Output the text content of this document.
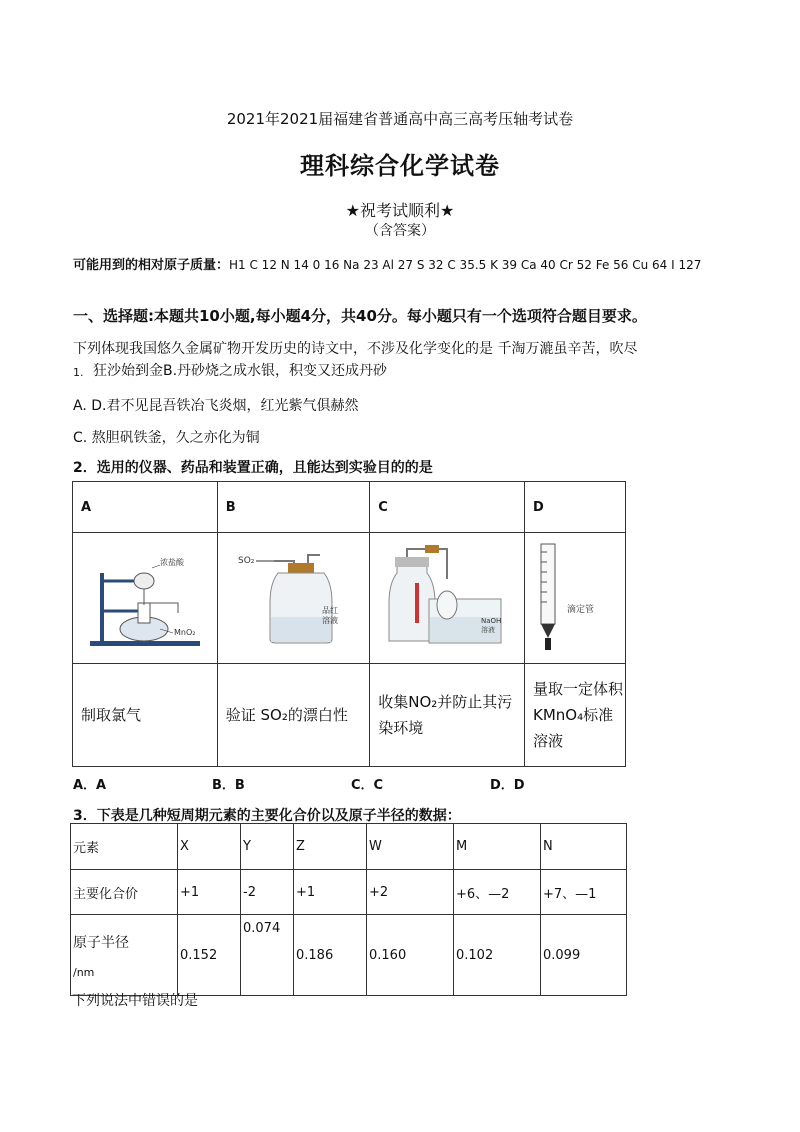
2021年2021届福建省普通高中高三高考压轴考试卷
理科综合化学试卷
★祝考试顺利★
（含答案）
可能用到的相对原子质量：H1 C 12 N 14 0 16 Na 23 Al 27 S 32 C 35.5 K 39 Ca 40 Cr 52 Fe 56 Cu 64 I 127
一、选择题:本题共10小题,每小题4分，共40分。每小题只有一个选项符合题目要求。
下列体现我国悠久金属矿物开发历史的诗文中，不涉及化学变化的是 千淘万漉虽辛苦，吹尽
1. 狂沙始到金B.丹砂烧之成水银，积变又还成丹砂
A. D.君不见昆吾铁冶飞炎烟，红光紫气俱赫然
C. 熬胆矾铁釜，久之亦化为铜
2．选用的仪器、药品和装置正确，且能达到实验目的的是
A	B	C	D

浓盐酸
MnO₂	SO₂
品红
溶液	NaOH
溶液	滴定管

制取氯气	验证 SO₂的漂白性	收集NO₂并防止其污染环境	量取一定体积 KMnO₄标准溶液
A．A	B．B	C．C	D．D
3．下表是几种短周期元素的主要化合价以及原子半径的数据：
元素	X	Y	Z	W	M	N
主要化合价	+1	-2	+1	+2	+6、—2	+7、—1

原子半径
/nm	0.152	0.074	0.186	0.160	0.102	0.099
下列说法中错误的是
